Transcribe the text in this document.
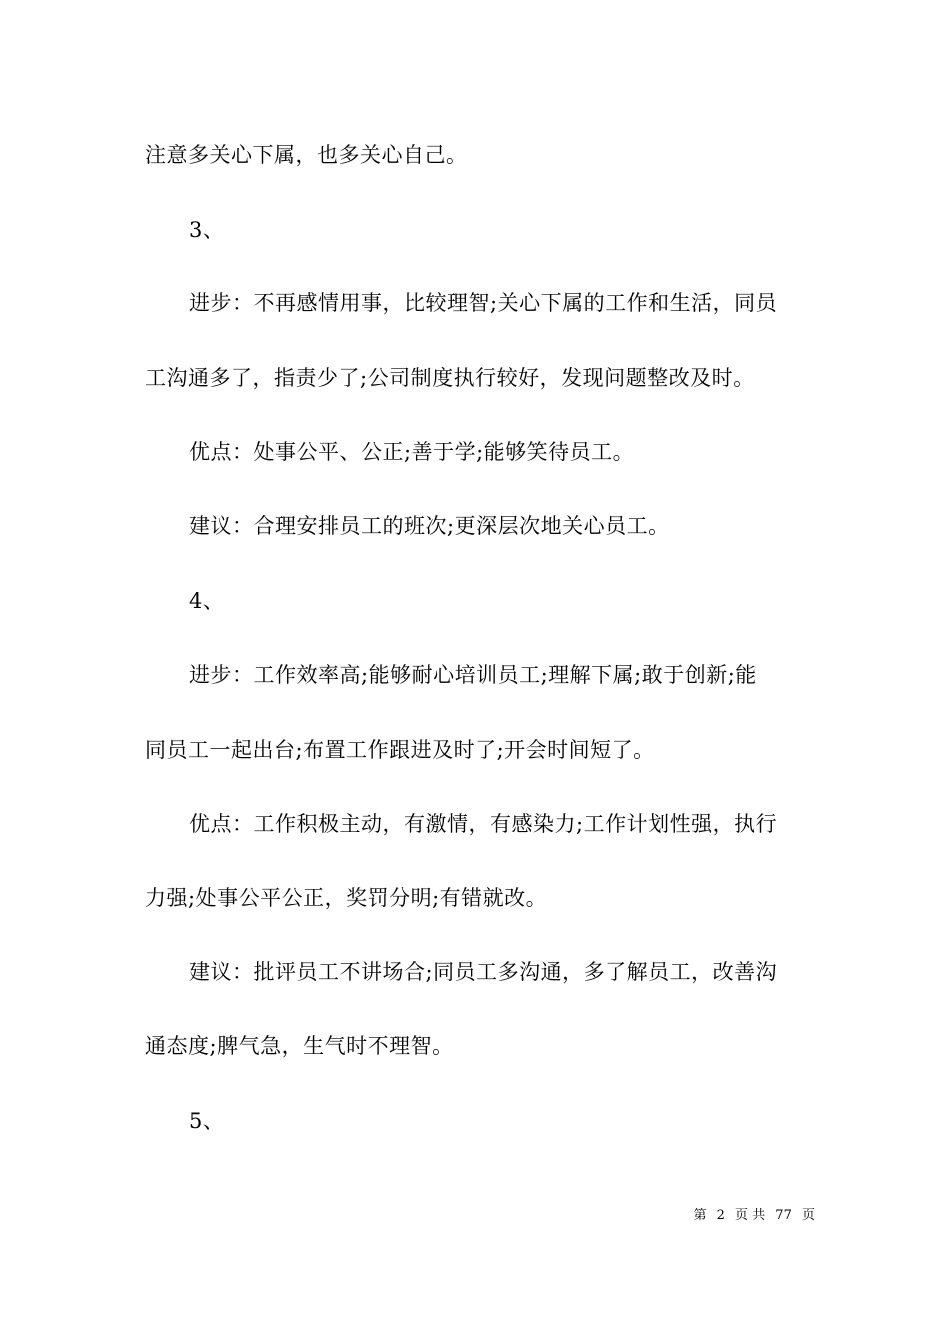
注意多关心下属，也多关心自己。
3、
进步：不再感情用事，比较理智;关心下属的工作和生活，同员
工沟通多了，指责少了;公司制度执行较好，发现问题整改及时。
优点：处事公平、公正;善于学;能够笑待员工。
建议：合理安排员工的班次;更深层次地关心员工。
4、
进步：工作效率高;能够耐心培训员工;理解下属;敢于创新;能
同员工一起出台;布置工作跟进及时了;开会时间短了。
优点：工作积极主动，有激情，有感染力;工作计划性强，执行
力强;处事公平公正，奖罚分明;有错就改。
建议：批评员工不讲场合;同员工多沟通，多了解员工，改善沟
通态度;脾气急，生气时不理智。
5、
第 2 页 共 77 页
